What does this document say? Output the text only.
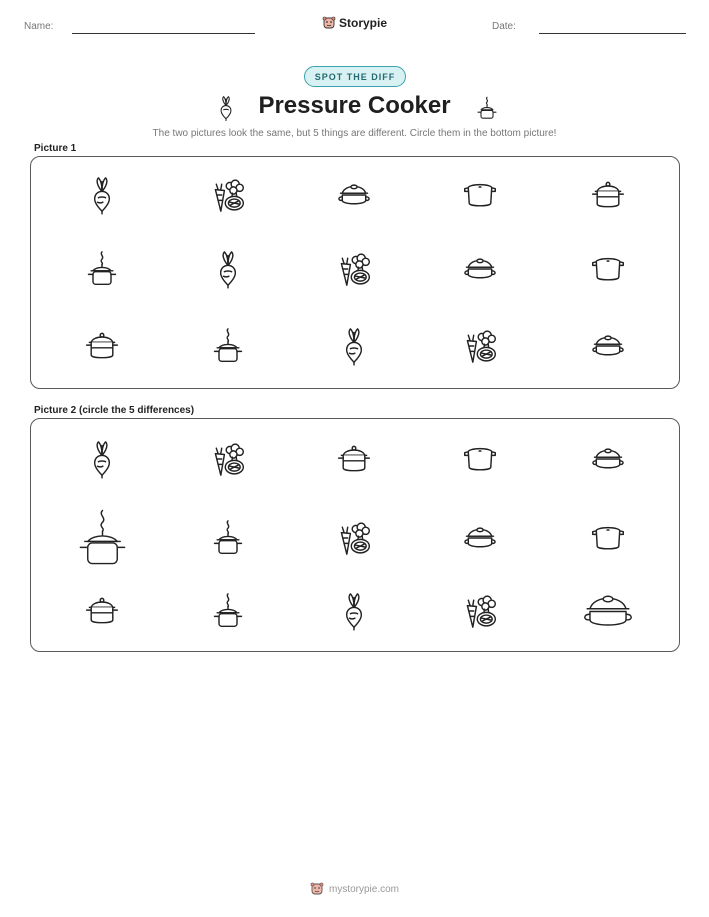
Name:	Storypie	Date:
SPOT THE DIFF
Pressure Cooker
The two pictures look the same, but 5 things are different. Circle them in the bottom picture!
Picture 1
Picture 2 (circle the 5 differences)
mystorypie.com
